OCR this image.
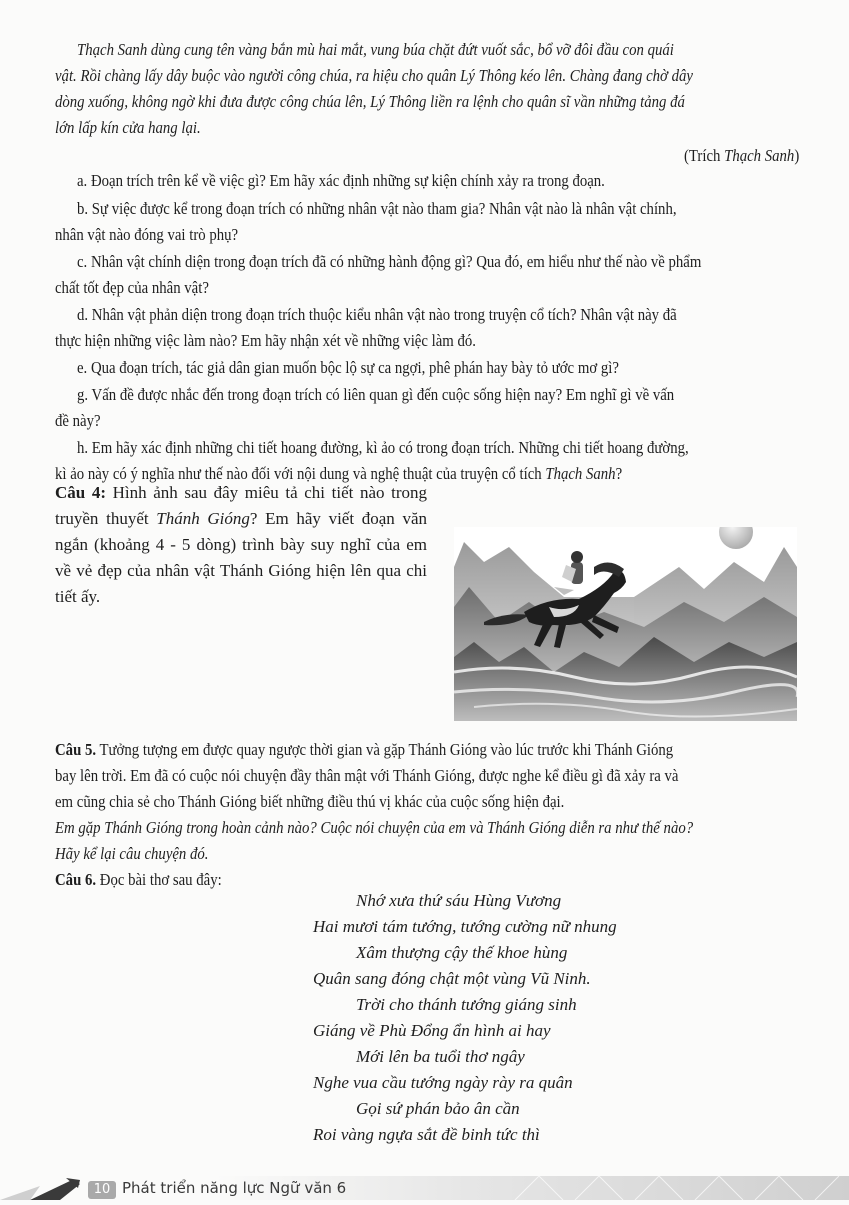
Thạch Sanh dùng cung tên vàng bắn mù hai mắt, vung búa chặt đứt vuốt sắc, bổ vỡ đôi đầu con quái
vật. Rồi chàng lấy dây buộc vào người công chúa, ra hiệu cho quân Lý Thông kéo lên. Chàng đang chờ dây
dòng xuống, không ngờ khi đưa được công chúa lên, Lý Thông liền ra lệnh cho quân sĩ vần những tảng đá
lớn lấp kín cửa hang lại.
(Trích Thạch Sanh)
a. Đoạn trích trên kể về việc gì? Em hãy xác định những sự kiện chính xảy ra trong đoạn.
b. Sự việc được kể trong đoạn trích có những nhân vật nào tham gia? Nhân vật nào là nhân vật chính,
nhân vật nào đóng vai trò phụ?
c. Nhân vật chính diện trong đoạn trích đã có những hành động gì? Qua đó, em hiểu như thế nào về phẩm
chất tốt đẹp của nhân vật?
d. Nhân vật phản diện trong đoạn trích thuộc kiểu nhân vật nào trong truyện cổ tích? Nhân vật này đã
thực hiện những việc làm nào? Em hãy nhận xét về những việc làm đó.
e. Qua đoạn trích, tác giả dân gian muốn bộc lộ sự ca ngợi, phê phán hay bày tỏ ước mơ gì?
g. Vấn đề được nhắc đến trong đoạn trích có liên quan gì đến cuộc sống hiện nay? Em nghĩ gì về vấn
đề này?
h. Em hãy xác định những chi tiết hoang đường, kì ảo có trong đoạn trích. Những chi tiết hoang đường,
kì ảo này có ý nghĩa như thế nào đối với nội dung và nghệ thuật của truyện cổ tích Thạch Sanh?

Câu 4: Hình ảnh sau đây miêu tả chi tiết nào trong truyền thuyết Thánh Gióng? Em hãy viết đoạn văn ngắn (khoảng 4 - 5 dòng) trình bày suy nghĩ của em về vẻ đẹp của nhân vật Thánh Gióng hiện lên qua chi tiết ấy.

Câu 5. Tưởng tượng em được quay ngược thời gian và gặp Thánh Gióng vào lúc trước khi Thánh Gióng
bay lên trời. Em đã có cuộc nói chuyện đầy thân mật với Thánh Gióng, được nghe kể điều gì đã xảy ra và
em cũng chia sẻ cho Thánh Gióng biết những điều thú vị khác của cuộc sống hiện đại.
Em gặp Thánh Gióng trong hoàn cảnh nào? Cuộc nói chuyện của em và Thánh Gióng diễn ra như thế nào?
Hãy kể lại câu chuyện đó.
Câu 6. Đọc bài thơ sau đây:
Nhớ xưa thứ sáu Hùng Vương
Hai mươi tám tướng, tướng cường nữ nhung
Xâm thượng cậy thế khoe hùng
Quân sang đóng chật một vùng Vũ Ninh.
Trời cho thánh tướng giáng sinh
Giáng về Phù Đổng ẩn hình ai hay
Mới lên ba tuổi thơ ngây
Nghe vua cầu tướng ngày rày ra quân
Gọi sứ phán bảo ân cần
Roi vàng ngựa sắt đề binh tức thì
10 Phát triển năng lực Ngữ văn 6
